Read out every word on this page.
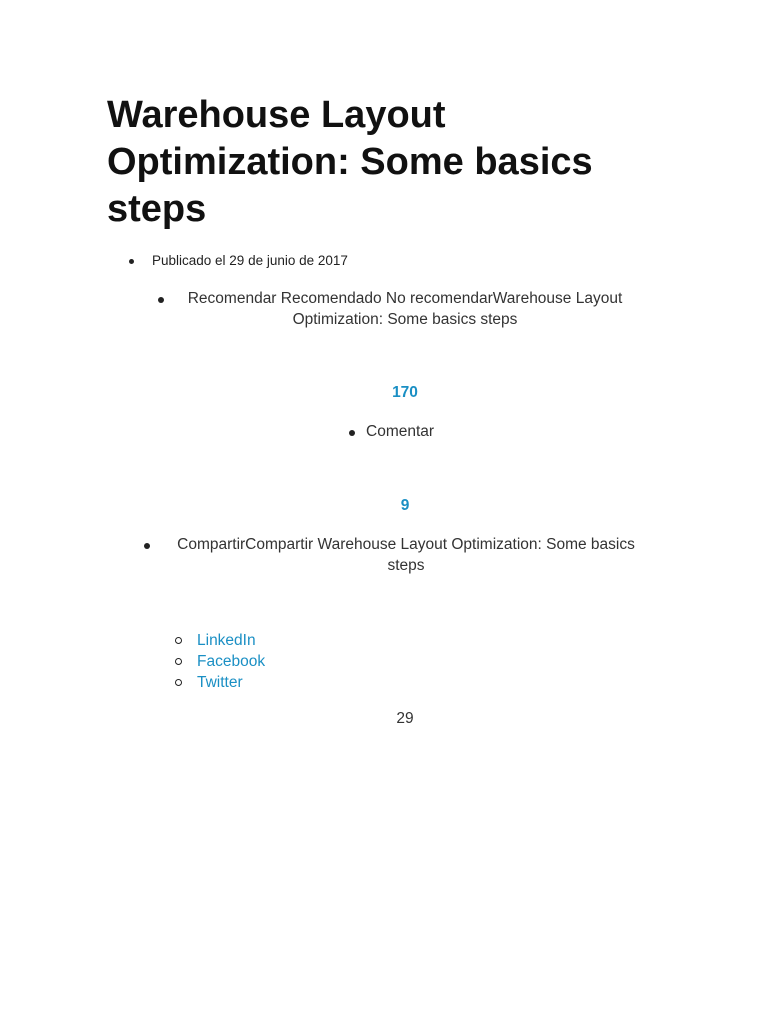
Warehouse Layout Optimization: Some basics steps
Publicado el 29 de junio de 2017
Recomendar Recomendado No recomendarWarehouse Layout Optimization: Some basics steps
170
Comentar
9
CompartirCompartir Warehouse Layout Optimization: Some basics steps
LinkedIn
Facebook
Twitter
29
